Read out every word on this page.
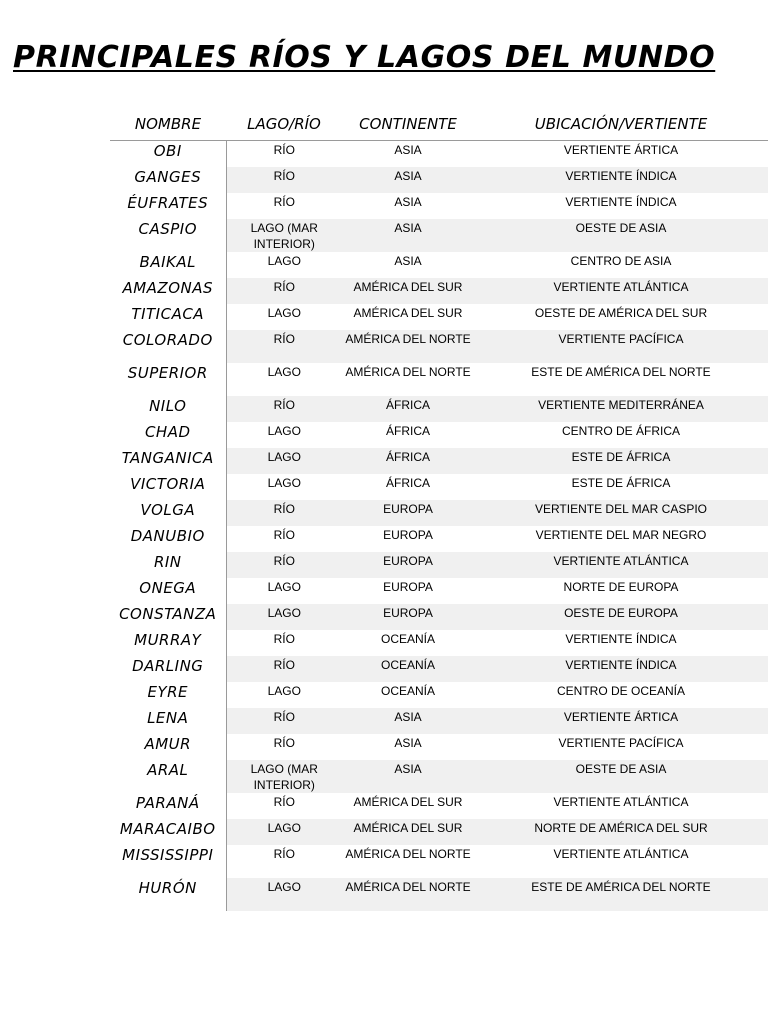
PRINCIPALES RÍOS Y LAGOS DEL MUNDO
NOMBRE	LAGO/RÍO	CONTINENTE	UBICACIÓN/VERTIENTE
OBI	RÍO	ASIA	VERTIENTE ÁRTICA
GANGES	RÍO	ASIA	VERTIENTE ÍNDICA
ÉUFRATES	RÍO	ASIA	VERTIENTE ÍNDICA
CASPIO	LAGO (MAR INTERIOR)	ASIA	OESTE DE ASIA
BAIKAL	LAGO	ASIA	CENTRO DE ASIA
AMAZONAS	RÍO	AMÉRICA DEL SUR	VERTIENTE ATLÁNTICA
TITICACA	LAGO	AMÉRICA DEL SUR	OESTE DE AMÉRICA DEL SUR
COLORADO	RÍO	AMÉRICA DEL NORTE	VERTIENTE PACÍFICA
SUPERIOR	LAGO	AMÉRICA DEL NORTE	ESTE DE AMÉRICA DEL NORTE
NILO	RÍO	ÁFRICA	VERTIENTE MEDITERRÁNEA
CHAD	LAGO	ÁFRICA	CENTRO DE ÁFRICA
TANGANICA	LAGO	ÁFRICA	ESTE DE ÁFRICA
VICTORIA	LAGO	ÁFRICA	ESTE DE ÁFRICA
VOLGA	RÍO	EUROPA	VERTIENTE DEL MAR CASPIO
DANUBIO	RÍO	EUROPA	VERTIENTE DEL MAR NEGRO
RIN	RÍO	EUROPA	VERTIENTE ATLÁNTICA
ONEGA	LAGO	EUROPA	NORTE DE EUROPA
CONSTANZA	LAGO	EUROPA	OESTE DE EUROPA
MURRAY	RÍO	OCEANÍA	VERTIENTE ÍNDICA
DARLING	RÍO	OCEANÍA	VERTIENTE ÍNDICA
EYRE	LAGO	OCEANÍA	CENTRO DE OCEANÍA
LENA	RÍO	ASIA	VERTIENTE ÁRTICA
AMUR	RÍO	ASIA	VERTIENTE PACÍFICA
ARAL	LAGO (MAR INTERIOR)	ASIA	OESTE DE ASIA
PARANÁ	RÍO	AMÉRICA DEL SUR	VERTIENTE ATLÁNTICA
MARACAIBO	LAGO	AMÉRICA DEL SUR	NORTE DE AMÉRICA DEL SUR
MISSISSIPPI	RÍO	AMÉRICA DEL NORTE	VERTIENTE ATLÁNTICA
HURÓN	LAGO	AMÉRICA DEL NORTE	ESTE DE AMÉRICA DEL NORTE
